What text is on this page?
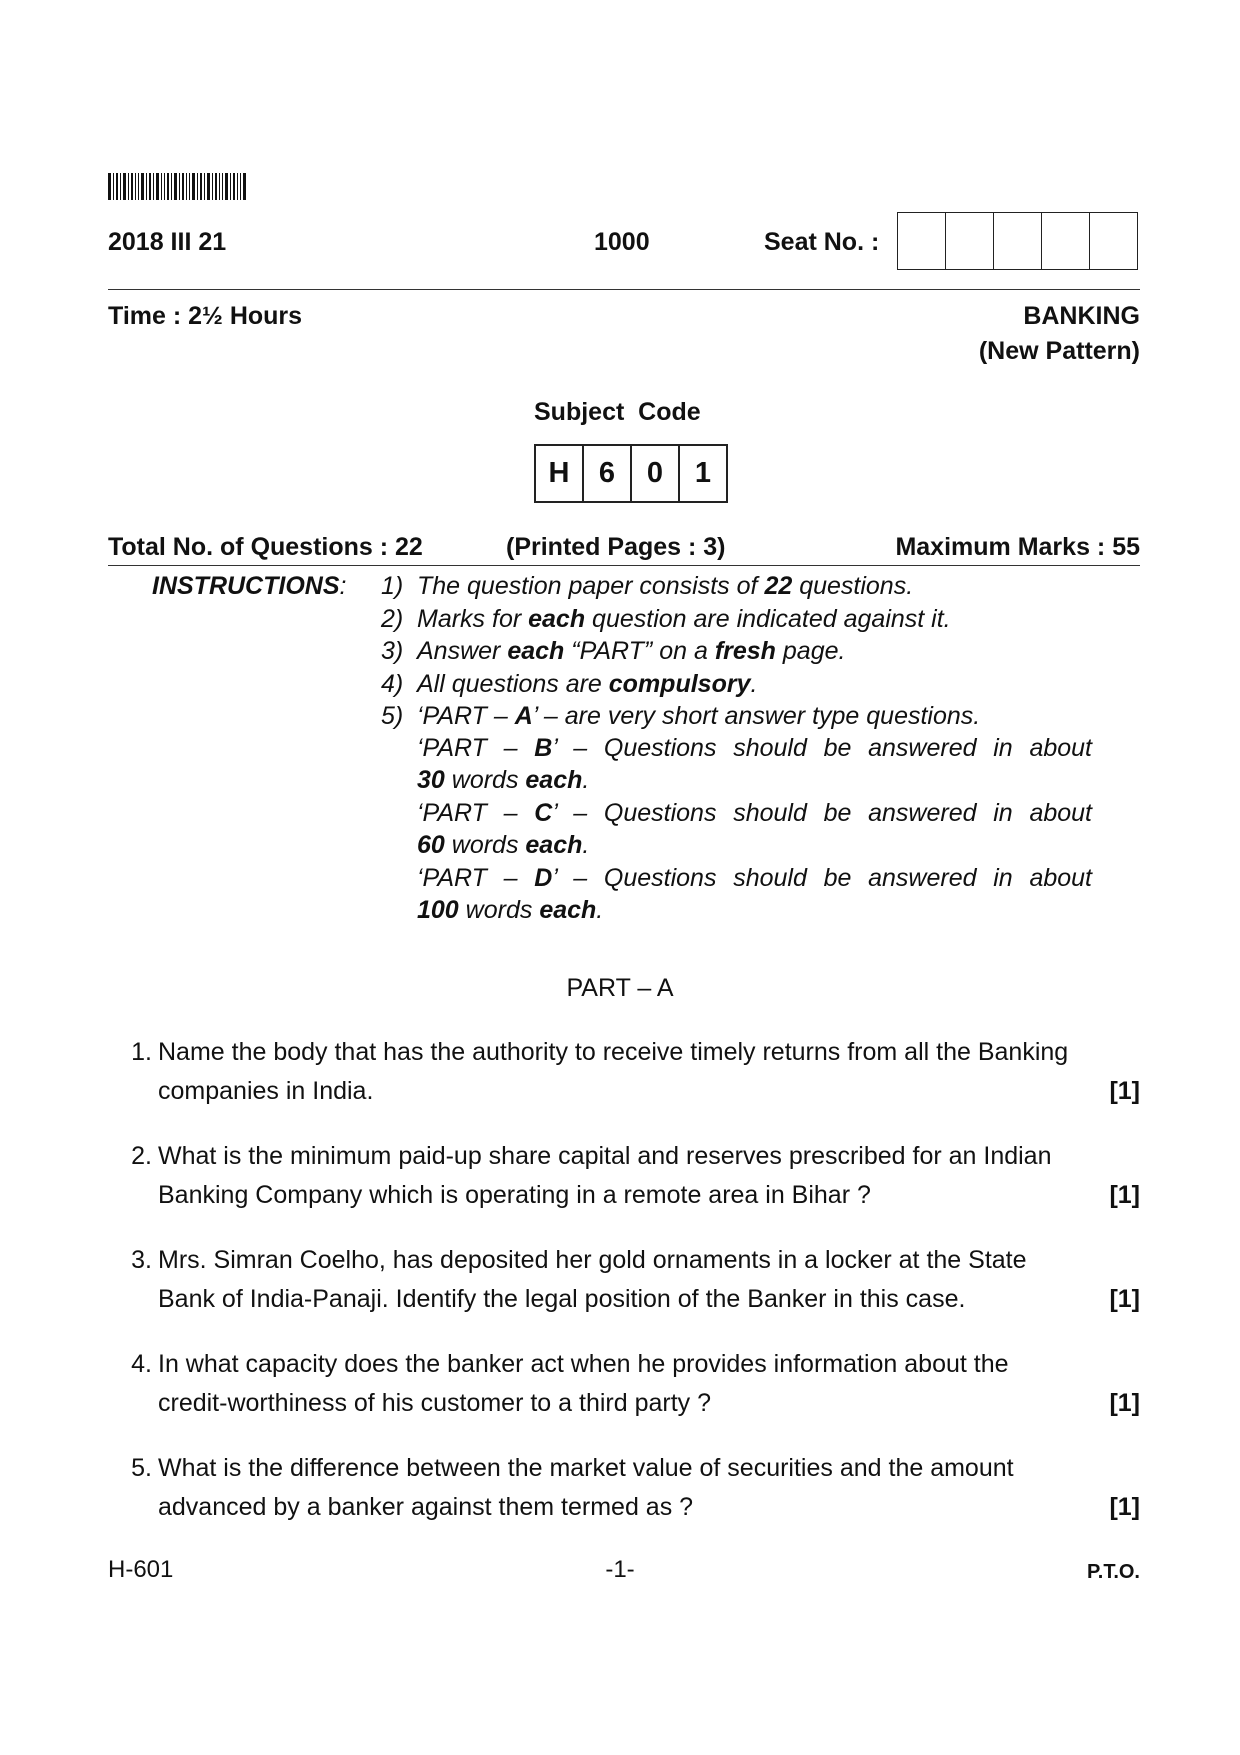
2018 III 21	1000	Seat No. :
Time : 2½ Hours	BANKING
(New Pattern)
Subject  Code
H	6	0	1
Total No. of Questions : 22	(Printed Pages : 3)	Maximum Marks : 55
INSTRUCTIONS: 1) The question paper consists of 22 questions.
2) Marks for each question are indicated against it.
3) Answer each “PART” on a fresh page.
4) All questions are compulsory.
5) ‘PART – A’ – are very short answer type questions.
‘PART  –  B’  –  Questions  should  be  answered  in  about
30 words each.
‘PART  –  C’  –  Questions  should  be  answered  in  about
60 words each.
‘PART  –  D’  –  Questions  should  be  answered  in  about
100 words each.
PART – A
1. Name the body that has the authority to receive timely returns from all the Banking
companies in India.	[1]
2. What is the minimum paid-up share capital and reserves prescribed for an Indian
Banking Company which is operating in a remote area in Bihar ?	[1]
3. Mrs. Simran Coelho, has deposited her gold ornaments in a locker at the State
Bank of India-Panaji. Identify the legal position of the Banker in this case.	[1]
4. In what capacity does the banker act when he provides information about the
credit-worthiness of his customer to a third party ?	[1]
5. What is the difference between the market value of securities and the amount
advanced by a banker against them termed as ?	[1]
H-601	-1-	P.T.O.
